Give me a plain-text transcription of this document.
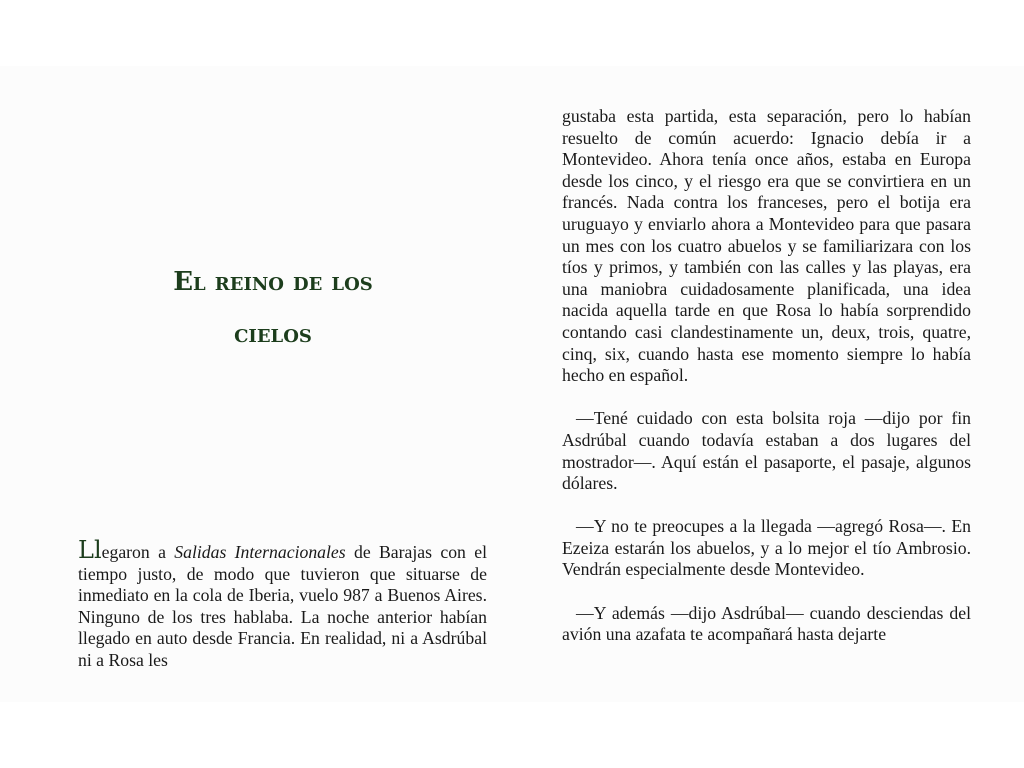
El reino de los
cielos

Llegaron a Salidas Internacionales de Barajas con el tiempo justo, de modo que tuvieron que situarse de inmediato en la cola de Iberia, vuelo 987 a Buenos Aires. Ninguno de los tres hablaba. La noche anterior habían llegado en auto desde Francia. En realidad, ni a Asdrúbal ni a Rosa les

gustaba esta partida, esta separación, pero lo habían resuelto de común acuerdo: Ignacio debía ir a Montevideo. Ahora tenía once años, estaba en Europa desde los cinco, y el riesgo era que se convirtiera en un francés. Nada contra los franceses, pero el botija era uruguayo y enviarlo ahora a Montevideo para que pasara un mes con los cuatro abuelos y se familiarizara con los tíos y primos, y también con las calles y las playas, era una maniobra cuidadosamente planificada, una idea nacida aquella tarde en que Rosa lo había sorprendido contando casi clandestinamente un, deux, trois, quatre, cinq, six, cuando hasta ese momento siempre lo había hecho en español.

—Tené cuidado con esta bolsita roja —dijo por fin Asdrúbal cuando todavía estaban a dos lugares del mostrador—. Aquí están el pasaporte, el pasaje, algunos dólares.

—Y no te preocupes a la llegada —agregó Rosa—. En Ezeiza estarán los abuelos, y a lo mejor el tío Ambrosio. Vendrán especialmente desde Montevideo.

—Y además —dijo Asdrúbal— cuando desciendas del avión una azafata te acompañará hasta dejarte
